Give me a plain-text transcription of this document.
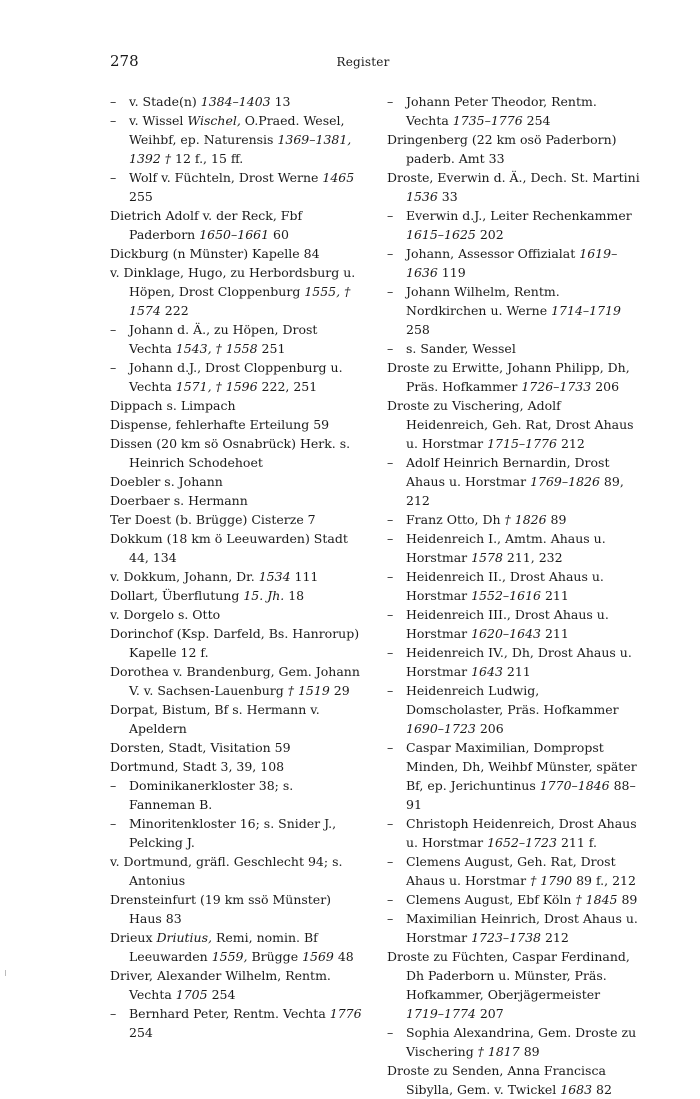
278	Register

– v. Stade(n) 1384–1403 13

– v. Wissel Wischel, O.Praed. Wesel, Weihbf, ep. Naturensis 1369–1381, 1392 † 12 f., 15 ff.

– Wolf v. Füchteln, Drost Werne 1465 255

Dietrich Adolf v. der Reck, Fbf Paderborn 1650–1661 60

Dickburg (n Münster) Kapelle 84

v. Dinklage, Hugo, zu Herbordsburg u. Höpen, Drost Cloppenburg 1555, † 1574 222

– Johann d. Ä., zu Höpen, Drost Vechta 1543, † 1558 251

– Johann d.J., Drost Cloppenburg u. Vechta 1571, † 1596 222, 251

Dippach s. Limpach

Dispense, fehlerhafte Erteilung 59

Dissen (20 km sö Osnabrück) Herk. s. Heinrich Schodehoet

Doebler s. Johann

Doerbaer s. Hermann

Ter Doest (b. Brügge) Cisterze 7

Dokkum (18 km ö Leeuwarden) Stadt 44, 134

v. Dokkum, Johann, Dr. 1534 111

Dollart, Überflutung 15. Jh. 18

v. Dorgelo s. Otto

Dorinchof (Ksp. Darfeld, Bs. Hanrorup) Kapelle 12 f.

Dorothea v. Brandenburg, Gem. Johann V. v. Sachsen-Lauenburg † 1519 29

Dorpat, Bistum, Bf s. Hermann v. Apeldern

Dorsten, Stadt, Visitation 59

Dortmund, Stadt 3, 39, 108

– Dominikanerkloster 38; s. Fanneman B.

– Minoritenkloster 16; s. Snider J., Pelcking J.

v. Dortmund, gräfl. Geschlecht 94; s. Antonius

Drensteinfurt (19 km ssö Münster) Haus 83

Drieux Driutius, Remi, nomin. Bf Leeuwarden 1559, Brügge 1569 48

Driver, Alexander Wilhelm, Rentm. Vechta 1705 254

– Bernhard Peter, Rentm. Vechta 1776 254

– Johann Peter Theodor, Rentm. Vechta 1735–1776 254

Dringenberg (22 km osö Paderborn) paderb. Amt 33

Droste, Everwin d. Ä., Dech. St. Martini 1536 33

– Everwin d.J., Leiter Rechenkammer 1615–1625 202

– Johann, Assessor Offizialat 1619–1636 119

– Johann Wilhelm, Rentm. Nordkirchen u. Werne 1714–1719 258

– s. Sander, Wessel

Droste zu Erwitte, Johann Philipp, Dh, Präs. Hofkammer 1726–1733 206

Droste zu Vischering, Adolf Heidenreich, Geh. Rat, Drost Ahaus u. Horstmar 1715–1776 212

– Adolf Heinrich Bernardin, Drost Ahaus u. Horstmar 1769–1826 89, 212

– Franz Otto, Dh † 1826 89

– Heidenreich I., Amtm. Ahaus u. Horstmar 1578 211, 232

– Heidenreich II., Drost Ahaus u. Horstmar 1552–1616 211

– Heidenreich III., Drost Ahaus u. Horstmar 1620–1643 211

– Heidenreich IV., Dh, Drost Ahaus u. Horstmar 1643 211

– Heidenreich Ludwig, Domscholaster, Präs. Hofkammer 1690–1723 206

– Caspar Maximilian, Dompropst Minden, Dh, Weihbf Münster, später Bf, ep. Jerichuntinus 1770–1846 88–91

– Christoph Heidenreich, Drost Ahaus u. Horstmar 1652–1723 211 f.

– Clemens August, Geh. Rat, Drost Ahaus u. Horstmar † 1790 89 f., 212

– Clemens August, Ebf Köln † 1845 89

– Maximilian Heinrich, Drost Ahaus u. Horstmar 1723–1738 212

Droste zu Füchten, Caspar Ferdinand, Dh Paderborn u. Münster, Präs. Hofkammer, Oberjägermeister 1719–1774 207

– Sophia Alexandrina, Gem. Droste zu Vischering † 1817 89

Droste zu Senden, Anna Francisca Sibylla, Gem. v. Twickel 1683 82
